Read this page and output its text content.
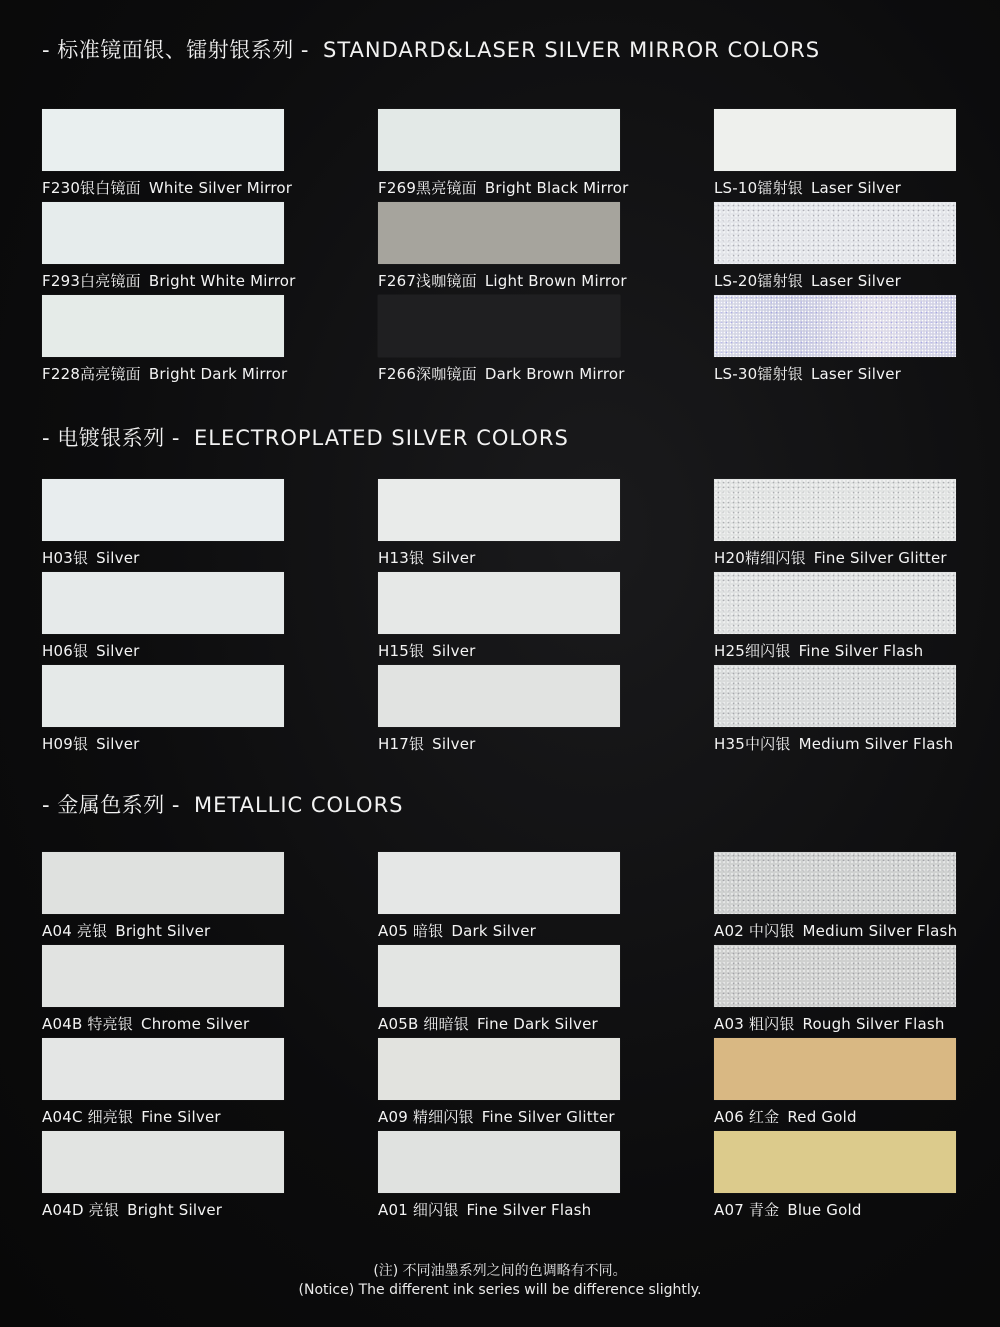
- 标准镜面银、镭射银系列 - STANDARD&LASER SILVER MIRROR COLORS
F230银白镜面 White Silver Mirror	F269黑亮镜面 Bright Black Mirror	LS-10镭射银 Laser Silver
F293白亮镜面 Bright White Mirror	F267浅咖镜面 Light Brown Mirror	LS-20镭射银 Laser Silver
F228高亮镜面 Bright Dark Mirror	F266深咖镜面 Dark Brown Mirror	LS-30镭射银 Laser Silver
- 电镀银系列 - ELECTROPLATED SILVER COLORS
H03银 Silver	H13银 Silver	H20精细闪银 Fine Silver Glitter
H06银 Silver	H15银 Silver	H25细闪银 Fine Silver Flash
H09银 Silver	H17银 Silver	H35中闪银 Medium Silver Flash
- 金属色系列 - METALLIC COLORS
A04 亮银 Bright Silver	A05 暗银 Dark Silver	A02 中闪银 Medium Silver Flash
A04B 特亮银 Chrome Silver	A05B 细暗银 Fine Dark Silver	A03 粗闪银 Rough Silver Flash
A04C 细亮银 Fine Silver	A09 精细闪银 Fine Silver Glitter	A06 红金 Red Gold
A04D 亮银 Bright Silver	A01 细闪银 Fine Silver Flash	A07 青金 Blue Gold
(注) 不同油墨系列之间的色调略有不同。
(Notice) The different ink series will be difference slightly.
